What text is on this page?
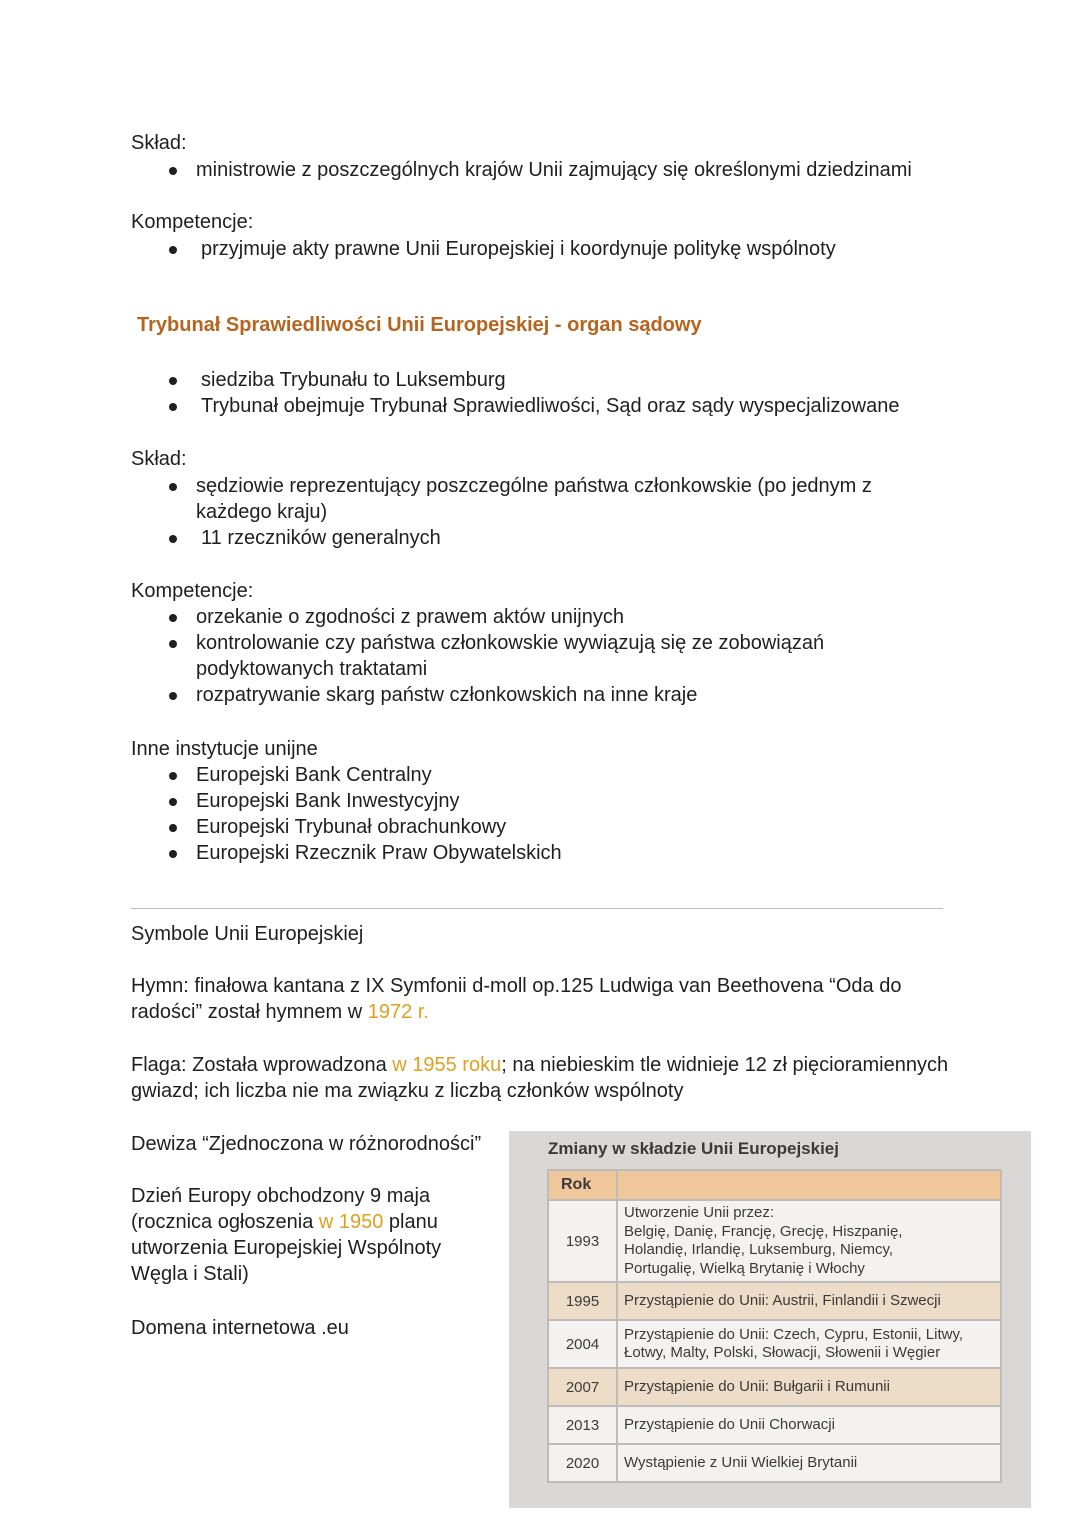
Skład:
ministrowie z poszczególnych krajów Unii zajmujący się określonymi dziedzinami
Kompetencje:
przyjmuje akty prawne Unii Europejskiej i koordynuje politykę wspólnoty
Trybunał Sprawiedliwości Unii Europejskiej - organ sądowy
siedziba Trybunału to Luksemburg
Trybunał obejmuje Trybunał Sprawiedliwości, Sąd oraz sądy wyspecjalizowane
Skład:
sędziowie reprezentujący poszczególne państwa członkowskie (po jednym z
każdego kraju)
11 rzeczników generalnych
Kompetencje:
orzekanie o zgodności z prawem aktów unijnych
kontrolowanie czy państwa członkowskie wywiązują się ze zobowiązań
podyktowanych traktatami
rozpatrywanie skarg państw członkowskich na inne kraje
Inne instytucje unijne
Europejski Bank Centralny
Europejski Bank Inwestycyjny
Europejski Trybunał obrachunkowy
Europejski Rzecznik Praw Obywatelskich
Symbole Unii Europejskiej
Hymn: finałowa kantana z IX Symfonii d-moll op.125 Ludwiga van Beethovena “Oda do
radości” został hymnem w 1972 r.
Flaga: Została wprowadzona w 1955 roku; na niebieskim tle widnieje 12 zł pięcioramiennych
gwiazd; ich liczba nie ma związku z liczbą członków wspólnoty
Dewiza “Zjednoczona w różnorodności”
Dzień Europy obchodzony 9 maja
(rocznica ogłoszenia w 1950 planu
utworzenia Europejskiej Wspólnoty
Węgla i Stali)
Domena internetowa .eu
Zmiany w składzie Unii Europejskiej
Rok	
1993	Utworzenie Unii przez:
Belgię, Danię, Francję, Grecję, Hiszpanię,
Holandię, Irlandię, Luksemburg, Niemcy,
Portugalię, Wielką Brytanię i Włochy

1995	Przystąpienie do Unii: Austrii, Finlandii i Szwecji
2004	Przystąpienie do Unii: Czech, Cypru, Estonii, Litwy,
Łotwy, Malty, Polski, Słowacji, Słowenii i Węgier

2007	Przystąpienie do Unii: Bułgarii i Rumunii
2013	Przystąpienie do Unii Chorwacji
2020	Wystąpienie z Unii Wielkiej Brytanii
